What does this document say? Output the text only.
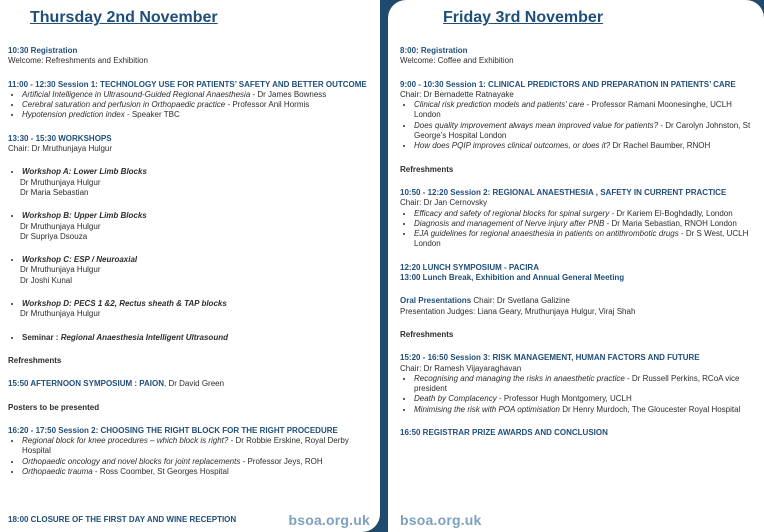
Thursday 2nd November

10:30 Registration

Welcome: Refreshments and Exhibition

11:00 - 12:30 Session 1: TECHNOLOGY USE FOR PATIENTS’ SAFETY AND BETTER OUTCOME

• Artificial Intelligence in Ultrasound-Guided Regional Anaesthesia - Dr James Bowness
• Cerebral saturation and perfusion in Orthopaedic practice - Professor Anil Hormis
• Hypotension prediction index - Speaker TBC

13:30 - 15:30 WORKSHOPS

Chair: Dr Mruthunjaya Hulgur

• Workshop A: Lower Limb Blocks

Dr Mruthunjaya Hulgur

Dr Maria Sebastian

• Workshop B: Upper Limb Blocks

Dr Mruthunjaya Hulgur

Dr Supriya Dsouza

• Workshop C: ESP / Neuroaxial

Dr Mruthunjaya Hulgur

Dr Joshi Kunal

• Workshop D: PECS 1 &2, Rectus sheath & TAP blocks

Dr Mruthunjaya Hulgur

• Seminar : Regional Anaesthesia Intelligent Ultrasound

Refreshments

15:50 AFTERNOON SYMPOSIUM : PAION, Dr David Green

Posters to be presented

16:20 - 17:50 Session 2: CHOOSING THE RIGHT BLOCK FOR THE RIGHT PROCEDURE

• Regional block for knee procedures – which block is right? - Dr Robbie Erskine, Royal Derby Hospital
• Orthopaedic oncology and novel blocks for joint replacements - Professor Jeys, ROH
• Orthopaedic trauma - Ross Coomber, St Georges Hospital
18:00 CLOSURE OF THE FIRST DAY AND WINE RECEPTION	bsoa.org.uk
Friday 3rd November

8:00: Registration

Welcome: Coffee and Exhibition

9:00 - 10:30 Session 1: CLINICAL PREDICTORS AND PREPARATION IN PATIENTS’ CARE

Chair: Dr Bernadette Ratnayake

• Clinical risk prediction models and patients’ care - Professor Ramani Moonesinghe, UCLH London
• Does quality improvement always mean improved value for patients? - Dr Carolyn Johnston, St George’s Hospital London
• How does PQIP improves clinical outcomes, or does it? Dr Rachel Baumber, RNOH

Refreshments

10:50 - 12:20 Session 2: REGIONAL ANAESTHESIA , SAFETY IN CURRENT PRACTICE

Chair: Dr Jan Cernovsky

• Efficacy and safety of regional blocks for spinal surgery - Dr Kariem El-Boghdadly, London
• Diagnosis and management of Nerve injury after PNB - Dr Maria Sebastian, RNOH London
• EJA guidelines for regional anaesthesia in patients on antithrombotic drugs - Dr S West, UCLH London

12:20 LUNCH SYMPOSIUM - PACIRA

13:00 Lunch Break, Exhibition and Annual General Meeting

Oral Presentations Chair: Dr Svetlana Galizine

Presentation Judges: Liana Geary, Mruthunjaya Hulgur, Viraj Shah

Refreshments

15:20 - 16:50 Session 3: RISK MANAGEMENT, HUMAN FACTORS AND FUTURE

Chair: Dr Ramesh Vijayaraghavan

• Recognising and managing the risks in anaesthetic practice - Dr Russell Perkins, RCoA vice president
• Death by Complacency - Professor Hugh Montgomery, UCLH
• Minimising the risk with POA optimisation Dr Henry Murdoch, The Gloucester Royal Hospital

16:50 REGISTRAR PRIZE AWARDS AND CONCLUSION

bsoa.org.uk
